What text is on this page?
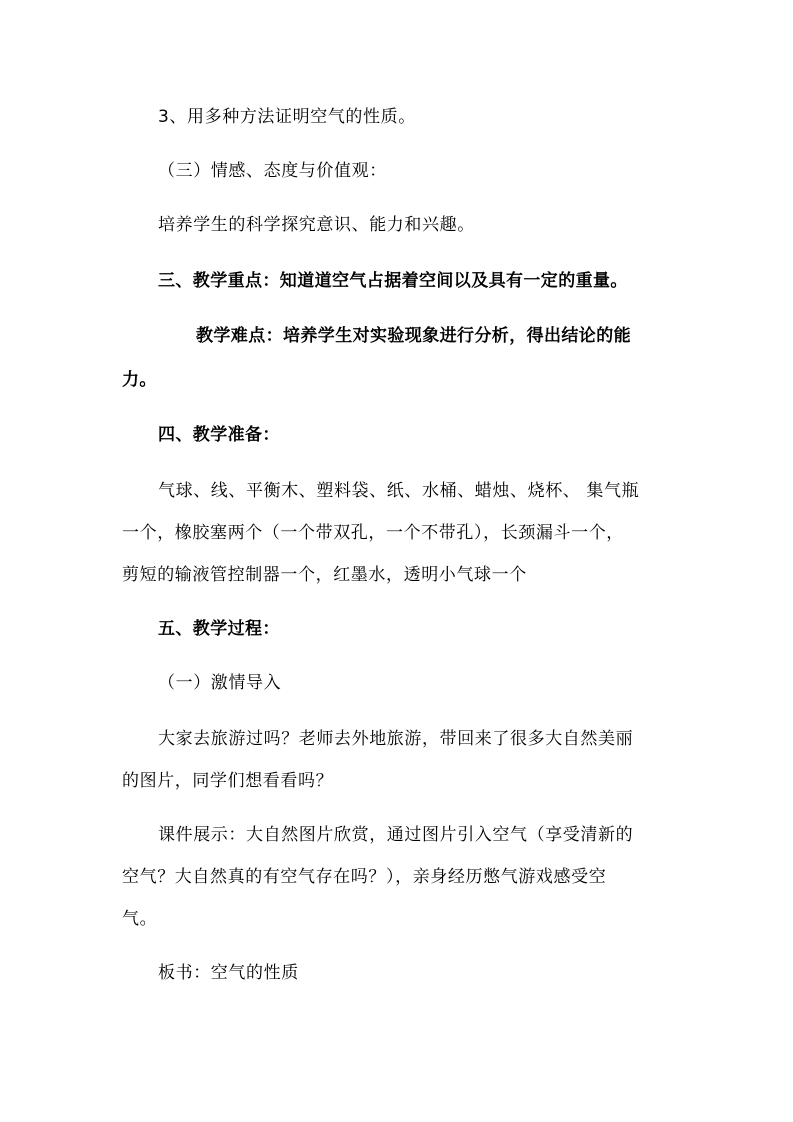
3、用多种方法证明空气的性质。
（三）情感、态度与价值观：
培养学生的科学探究意识、能力和兴趣。
三、教学重点：知道道空气占据着空间以及具有一定的重量。
教学难点：培养学生对实验现象进行分析，得出结论的能
力。
四、教学准备：
气球、线、平衡木、塑料袋、纸、水桶、蜡烛、烧杯、 集气瓶
一个，橡胶塞两个（一个带双孔，一个不带孔），长颈漏斗一个，
剪短的输液管控制器一个，红墨水，透明小气球一个
五、教学过程：
（一）激情导入
大家去旅游过吗？老师去外地旅游，带回来了很多大自然美丽
的图片，同学们想看看吗？
课件展示：大自然图片欣赏，通过图片引入空气（享受清新的
空气？大自然真的有空气存在吗？），亲身经历憋气游戏感受空
气。
板书：空气的性质
